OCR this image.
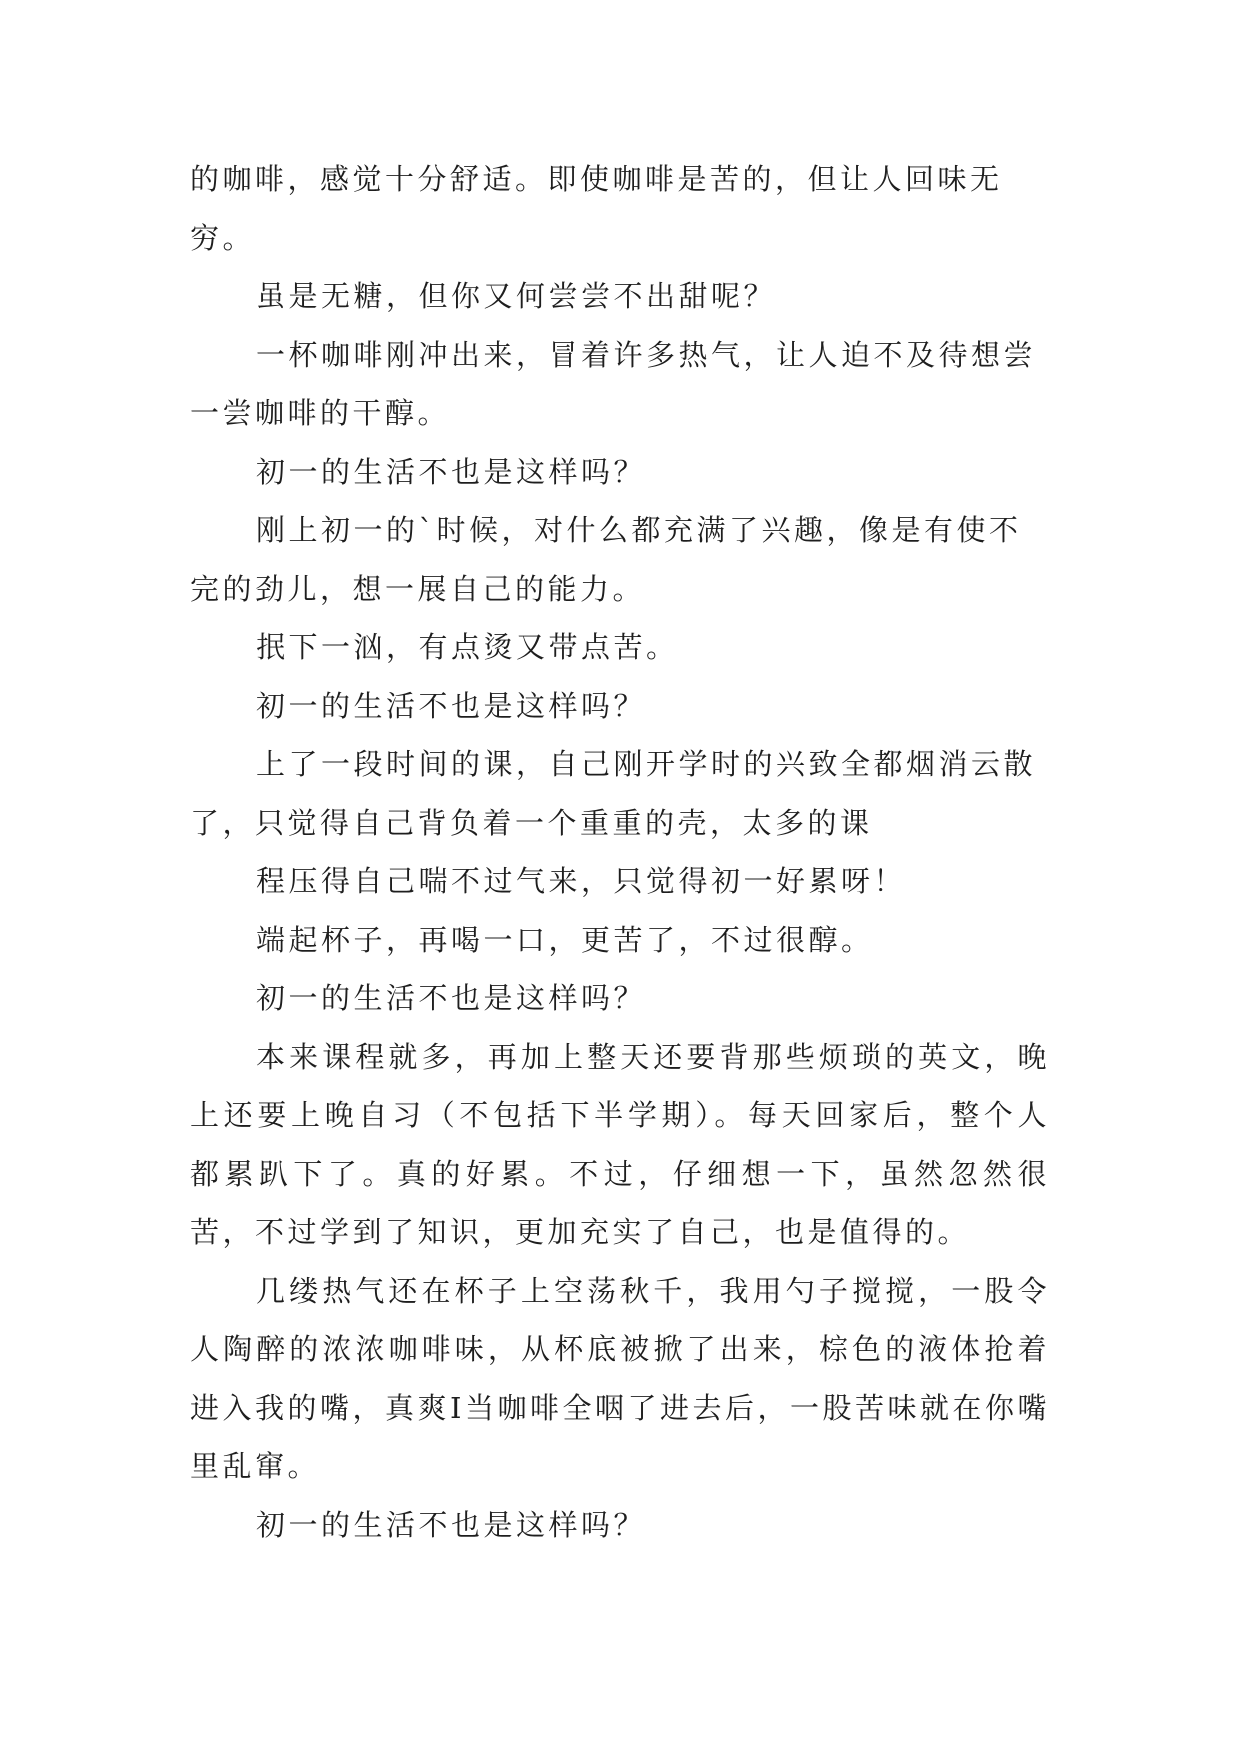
的咖啡，感觉十分舒适。即使咖啡是苦的，但让人回味无穷。

虽是无糖，但你又何尝尝不出甜呢？

一杯咖啡刚冲出来，冒着许多热气，让人迫不及待想尝一尝咖啡的干醇。

初一的生活不也是这样吗？

刚上初一的`时候，对什么都充满了兴趣，像是有使不完的劲儿，想一展自己的能力。

抿下一汹，有点烫又带点苦。

初一的生活不也是这样吗？

上了一段时间的课，自己刚开学时的兴致全都烟消云散了，只觉得自己背负着一个重重的壳，太多的课

程压得自己喘不过气来，只觉得初一好累呀！

端起杯子，再喝一口，更苦了，不过很醇。

初一的生活不也是这样吗？

本来课程就多，再加上整天还要背那些烦琐的英文，晚上还要上晚自习（不包括下半学期）。每天回家后，整个人都累趴下了。真的好累。不过，仔细想一下，虽然忽然很苦，不过学到了知识，更加充实了自己，也是值得的。

几缕热气还在杯子上空荡秋千，我用勺子搅搅，一股令人陶醉的浓浓咖啡味，从杯底被掀了出来，棕色的液体抢着进入我的嘴，真爽I当咖啡全咽了进去后，一股苦味就在你嘴里乱窜。

初一的生活不也是这样吗？
